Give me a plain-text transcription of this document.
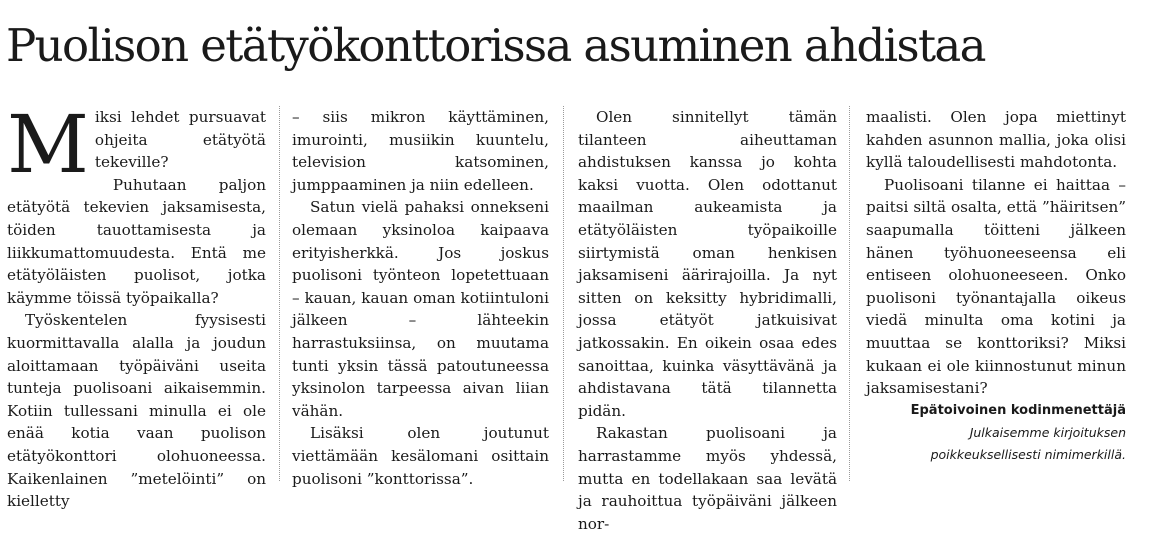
Puolison etätyökonttorissa asuminen ahdistaa

Miksi lehdet pursuavat ohjeita etätyötä tekeville?

Puhutaan paljon etätyötä tekevien jaksamisesta, töiden tauottamisesta ja liikkumattomuudesta. Entä me etätyöläisten puolisot, jotka käymme töissä työpaikalla?

Työskentelen fyysisesti kuormittavalla alalla ja joudun aloittamaan työpäiväni useita tunteja puolisoani aikaisemmin. Kotiin tullessani minulla ei ole enää kotia vaan puolison etätyökonttori olohuoneessa. Kaikenlainen ”metelöinti” on kielletty

– siis mikron käyttäminen, imurointi, musiikin kuuntelu, television katsominen, jumppaaminen ja niin edelleen.

Satun vielä pahaksi onnekseni olemaan yksinoloa kaipaava erityisherkkä. Jos joskus puolisoni työnteon lopetettuaan – kauan, kauan oman kotiintuloni jälkeen – lähteekin harrastuksiinsa, on muutama tunti yksin tässä patoutuneessa yksinolon tarpeessa aivan liian vähän.

Lisäksi olen joutunut viettämään kesälomani osittain puolisoni ”konttorissa”.

Olen sinnitellyt tämän tilanteen aiheuttaman ahdistuksen kanssa jo kohta kaksi vuotta. Olen odottanut maailman aukeamista ja etätyöläisten työpaikoille siirtymistä oman henkisen jaksamiseni äärirajoilla. Ja nyt sitten on keksitty hybridimalli, jossa etätyöt jatkuisivat jatkossakin. En oikein osaa edes sanoittaa, kuinka väsyttävänä ja ahdistavana tätä tilannetta pidän.

Rakastan puolisoani ja harrastamme myös yhdessä, mutta en todellakaan saa levätä ja rauhoittua työpäiväni jälkeen nor-

maalisti. Olen jopa miettinyt kahden asunnon mallia, joka olisi kyllä taloudellisesti mahdotonta.

Puolisoani tilanne ei haittaa – paitsi siltä osalta, että ”häiritsen” saapumalla töitteni jälkeen hänen työhuoneeseensa eli entiseen olohuoneeseen. Onko puolisoni työnantajalla oikeus viedä minulta oma kotini ja muuttaa se konttoriksi? Miksi kukaan ei ole kiinnostunut minun jaksamisestani?

Epätoivoinen kodinmenettäjä

Julkaisemme kirjoituksen

poikkeuksellisesti nimimerkillä.
